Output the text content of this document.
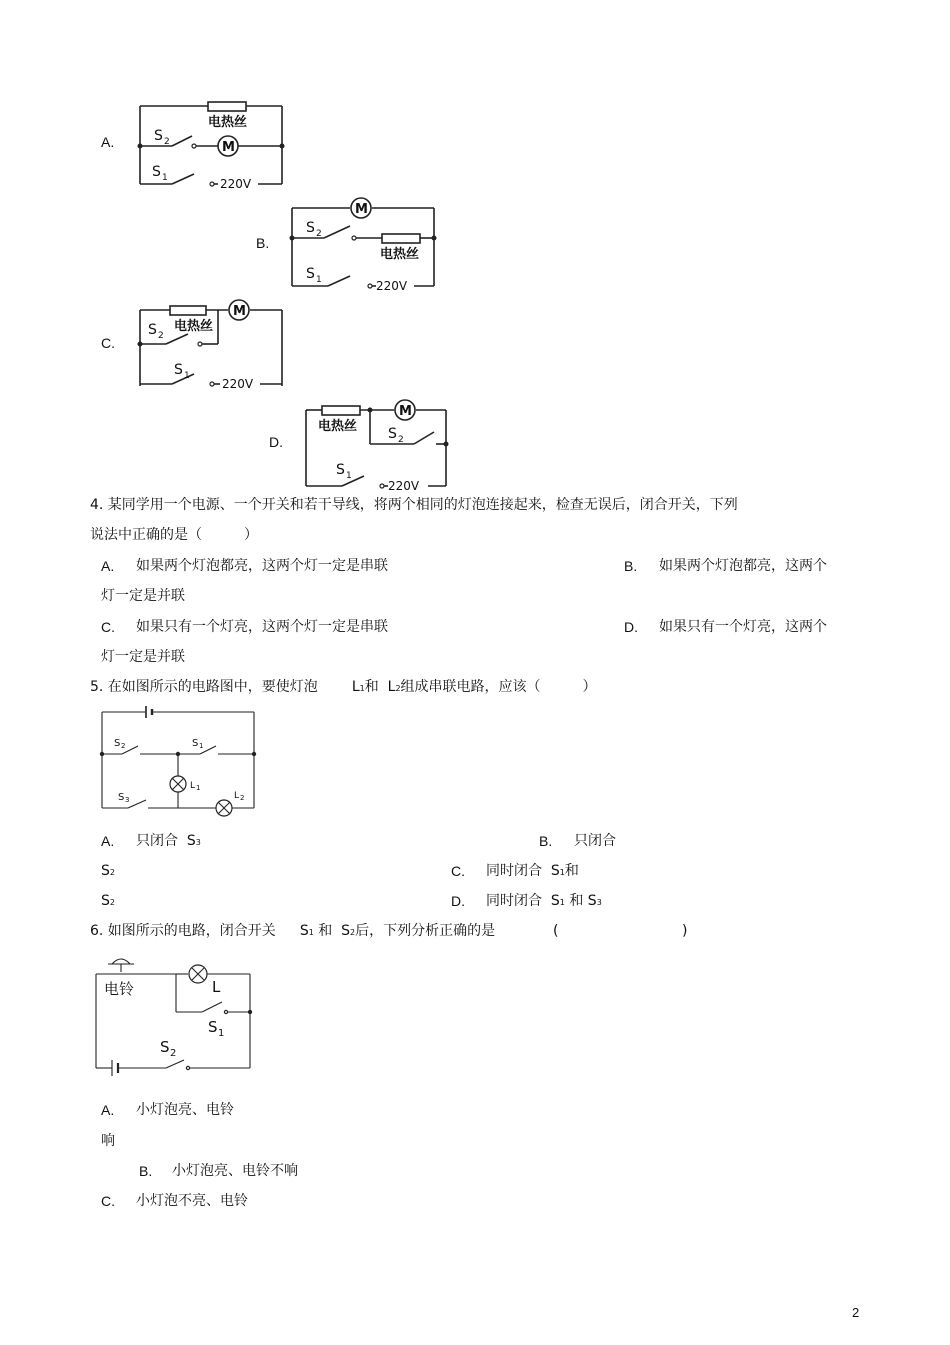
A.
电热丝
M
S 2
220V
S 1
B.
M
电热丝
S 2
220V
S 1
C.
M
电热丝
S 2
220V
S 1
D.
M
电热丝 S 2
220V
S 1
4. 某同学用一个电源、一个开关和若干导线，将两个相同的灯泡连接起来，检查无误后，闭合开关，下列
说法中正确的是（　　　）
A. 如果两个灯泡都亮，这两个灯一定是串联	B. 如果两个灯泡都亮，这两个
灯一定是并联
C. 如果只有一个灯亮，这两个灯一定是串联	D. 如果只有一个灯亮，这两个
灯一定是并联
5. 在如图所示的电路图中，要使灯泡 L1和 L2组成串联电路，应该（　　　）
S 2	S 1
L 1
S 3	L 2
A. 只闭合 S3	B. 只闭合
S2	C. 同时闭合 S1和
S2	D. 同时闭合 S1 和 S3
6. 如图所示的电路，闭合开关 S1 和 S2后，下列分析正确的是	(	)
电铃	L
S 1
S 2
A. 小灯泡亮、电铃
响
B. 小灯泡亮、电铃不响
C. 小灯泡不亮、电铃
2
